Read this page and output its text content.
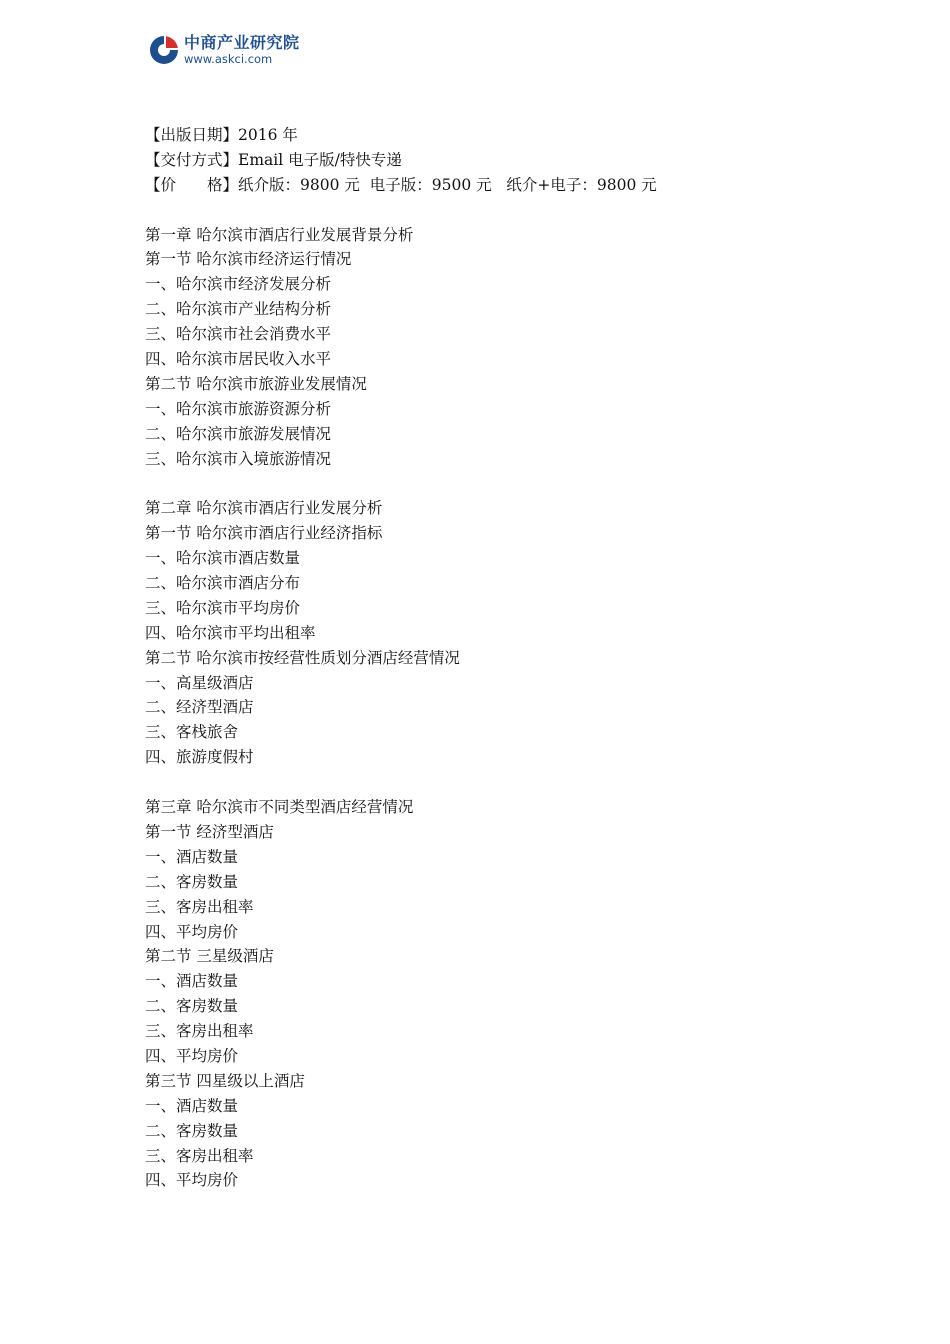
中商产业研究院
www.askci.com
【出版日期】2016 年
【交付方式】Email 电子版/特快专递
【价　　格】纸介版：9800 元  电子版：9500 元   纸介+电子：9800 元
第一章 哈尔滨市酒店行业发展背景分析
第一节 哈尔滨市经济运行情况
一、哈尔滨市经济发展分析
二、哈尔滨市产业结构分析
三、哈尔滨市社会消费水平
四、哈尔滨市居民收入水平
第二节 哈尔滨市旅游业发展情况
一、哈尔滨市旅游资源分析
二、哈尔滨市旅游发展情况
三、哈尔滨市入境旅游情况
第二章 哈尔滨市酒店行业发展分析
第一节 哈尔滨市酒店行业经济指标
一、哈尔滨市酒店数量
二、哈尔滨市酒店分布
三、哈尔滨市平均房价
四、哈尔滨市平均出租率
第二节 哈尔滨市按经营性质划分酒店经营情况
一、高星级酒店
二、经济型酒店
三、客栈旅舍
四、旅游度假村
第三章 哈尔滨市不同类型酒店经营情况
第一节 经济型酒店
一、酒店数量
二、客房数量
三、客房出租率
四、平均房价
第二节 三星级酒店
一、酒店数量
二、客房数量
三、客房出租率
四、平均房价
第三节 四星级以上酒店
一、酒店数量
二、客房数量
三、客房出租率
四、平均房价
